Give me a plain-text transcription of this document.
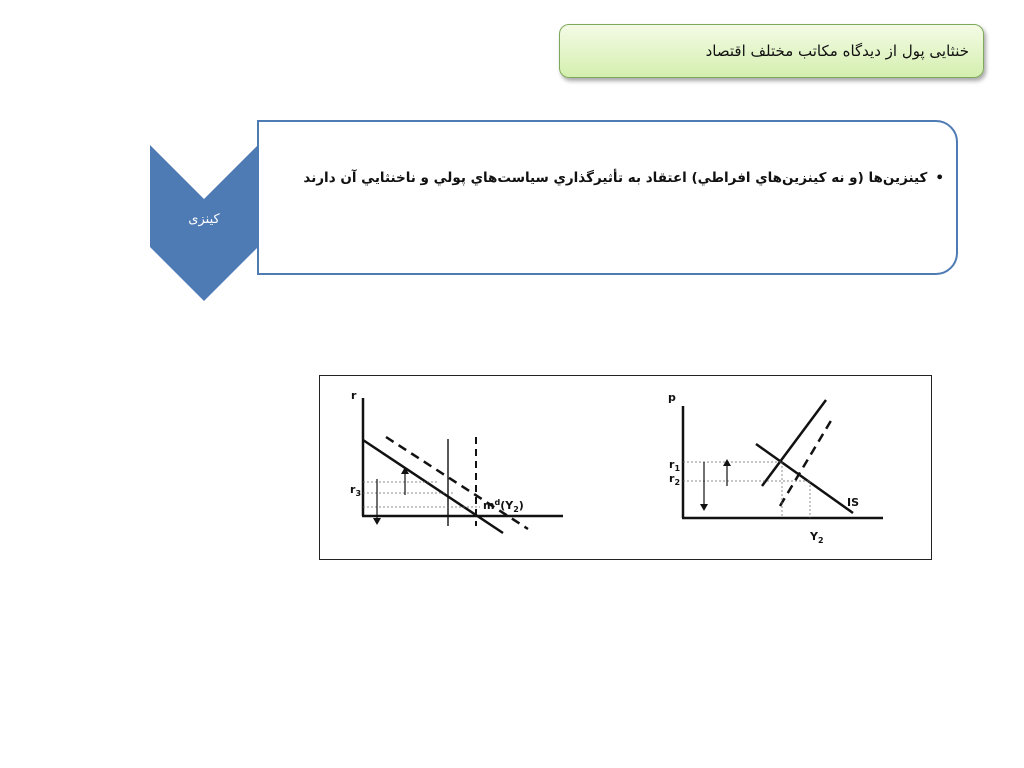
خنثایی پول از دیدگاه مکاتب مختلف اقتصاد
کینزی
•کینزین‌ها (و نه کینزین‌هاي افراطي) اعتقاد به تأثیرگذاري سیاست‌هاي پولي و ناخنثايي آن دارند
r
$r_3$
$m^d(Y_2)$
p
$r_1$
$r_2$
IS
$Y_2$
